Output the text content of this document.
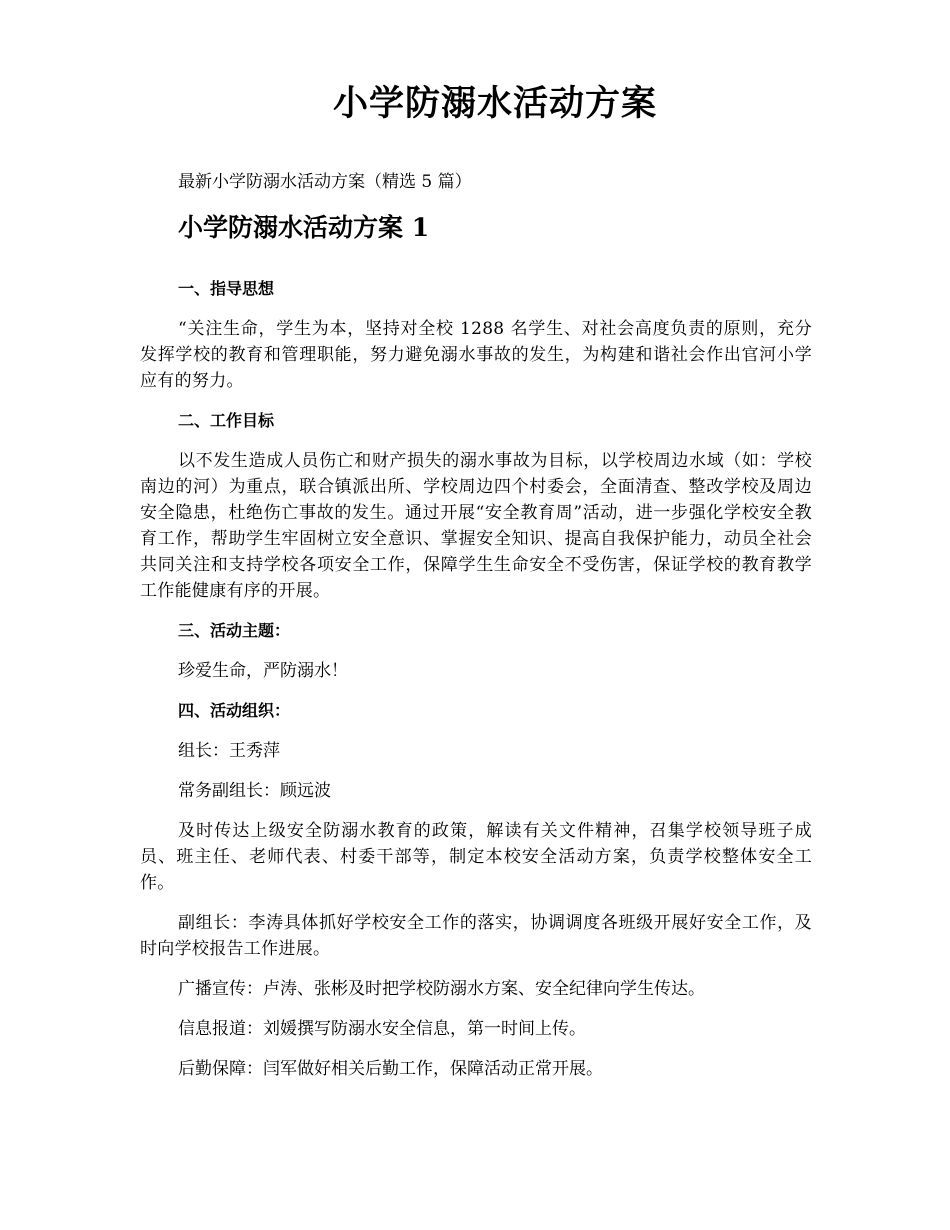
小学防溺水活动方案

最新小学防溺水活动方案（精选 5 篇）

小学防溺水活动方案 1

一、指导思想

“关注生命，学生为本，坚持对全校 1288 名学生、对社会高度负责的原则，充分发挥学校的教育和管理职能，努力避免溺水事故的发生，为构建和谐社会作出官河小学应有的努力。

二、工作目标

以不发生造成人员伤亡和财产损失的溺水事故为目标，以学校周边水域（如：学校南边的河）为重点，联合镇派出所、学校周边四个村委会，全面清查、整改学校及周边安全隐患，杜绝伤亡事故的发生。通过开展“安全教育周”活动，进一步强化学校安全教育工作，帮助学生牢固树立安全意识、掌握安全知识、提高自我保护能力，动员全社会共同关注和支持学校各项安全工作，保障学生生命安全不受伤害，保证学校的教育教学工作能健康有序的开展。

三、活动主题：

珍爱生命，严防溺水！

四、活动组织：

组长：王秀萍

常务副组长：顾远波

及时传达上级安全防溺水教育的政策，解读有关文件精神，召集学校领导班子成员、班主任、老师代表、村委干部等，制定本校安全活动方案，负责学校整体安全工作。

副组长：李涛具体抓好学校安全工作的落实，协调调度各班级开展好安全工作，及时向学校报告工作进展。

广播宣传：卢涛、张彬及时把学校防溺水方案、安全纪律向学生传达。

信息报道：刘媛撰写防溺水安全信息，第一时间上传。

后勤保障：闫军做好相关后勤工作，保障活动正常开展。
